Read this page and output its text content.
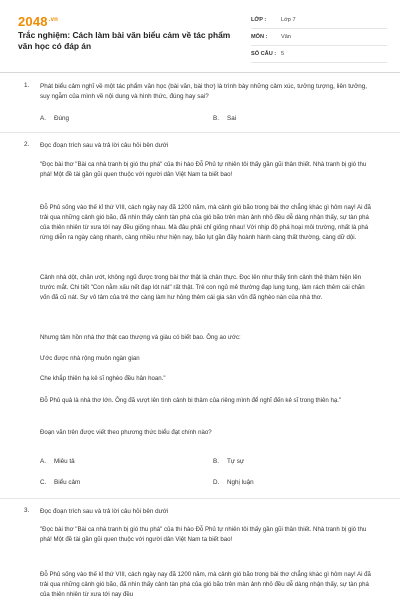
$2048^{.vn}$
Trắc nghiệm: Cách làm bài văn biểu cảm về tác phẩm văn học có đáp án
LỚP :	Lớp 7
MÔN :	Văn
SỐ CÂU : 5
1. Phát biểu cảm nghĩ về một tác phẩm văn học (bài văn, bài thơ) là trình bày những cảm xúc, tưởng tượng, liên tưởng, suy ngẫm của mình về nội dung và hình thức, đúng hay sai?
A. Đúng	B. Sai
2. Đọc đoạn trích sau và trả lời câu hỏi bên dưới

"Đọc bài thơ "Bài ca nhà tranh bị gió thu phá" của thi hào Đỗ Phủ tự nhiên tôi thấy gần gũi thân thiết. Nhà tranh bị gió thu phá! Một đề tài gần gũi quen thuộc với người dân Việt Nam ta biết bao!

Đỗ Phủ sống vào thế kỉ thứ VIII, cách ngày nay đã 1200 năm, mà cảnh gió bão trong bài thơ chẳng khác gì hôm nay! Ai đã trải qua những cảnh gió bão, đã nhìn thấy cảnh tàn phá của gió bão trên màn ảnh nhỏ đều dễ dàng nhận thấy, sự tàn phá của thiên nhiên từ xưa tới nay đều giống nhau. Mà đâu phải chỉ giống nhau! Với nhịp độ phá hoại môi trường, nhất là phá rừng diễn ra ngày càng nhanh, càng nhiều như hiện nay, bão lụt gần đây hoành hành càng thất thường, càng dữ dội.

Cảnh nhà dột, chăn ướt, không ngủ được trong bài thơ thật là chân thực. Đọc lên như thấy tình cảnh thê thảm hiện lên trước mắt. Chi tiết "Con nằm xấu nết đạp lót nát" rất thật. Trẻ con ngủ mê thường đạp lung tung, làm rách thêm cái chăn vốn đã cũ nát. Sự vô tâm của trẻ thơ càng làm hư hỏng thêm cái gia sản vốn đã nghèo nàn của nhà thơ.

Nhưng tâm hồn nhà thơ thật cao thượng và giàu có biết bao. Ông ao ước:

Ước được nhà rộng muôn ngàn gian

Che khắp thiên hạ kẻ sĩ nghèo đều hân hoan."

Đỗ Phủ quả là nhà thơ lớn. Ông đã vượt lên tình cảnh bi thảm của riêng mình để nghĩ đến kẻ sĩ trong thiên hạ."

Đoạn văn trên được viết theo phương thức biểu đạt chính nào?

A. Miêu tả	B. Tự sự
C. Biểu cảm	D. Nghị luận
3. Đọc đoạn trích sau và trả lời câu hỏi bên dưới

"Đọc bài thơ "Bài ca nhà tranh bị gió thu phá" của thi hào Đỗ Phủ tự nhiên tôi thấy gần gũi thân thiết. Nhà tranh bị gió thu phá! Một đề tài gần gũi quen thuộc với người dân Việt Nam ta biết bao!

Đỗ Phủ sống vào thế kỉ thứ VIII, cách ngày nay đã 1200 năm, mà cảnh gió bão trong bài thơ chẳng khác gì hôm nay! Ai đã trải qua những cảnh gió bão, đã nhìn thấy cảnh tàn phá của gió bão trên màn ảnh nhỏ đều dễ dàng nhận thấy, sự tàn phá của thiên nhiên từ xưa tới nay đều
